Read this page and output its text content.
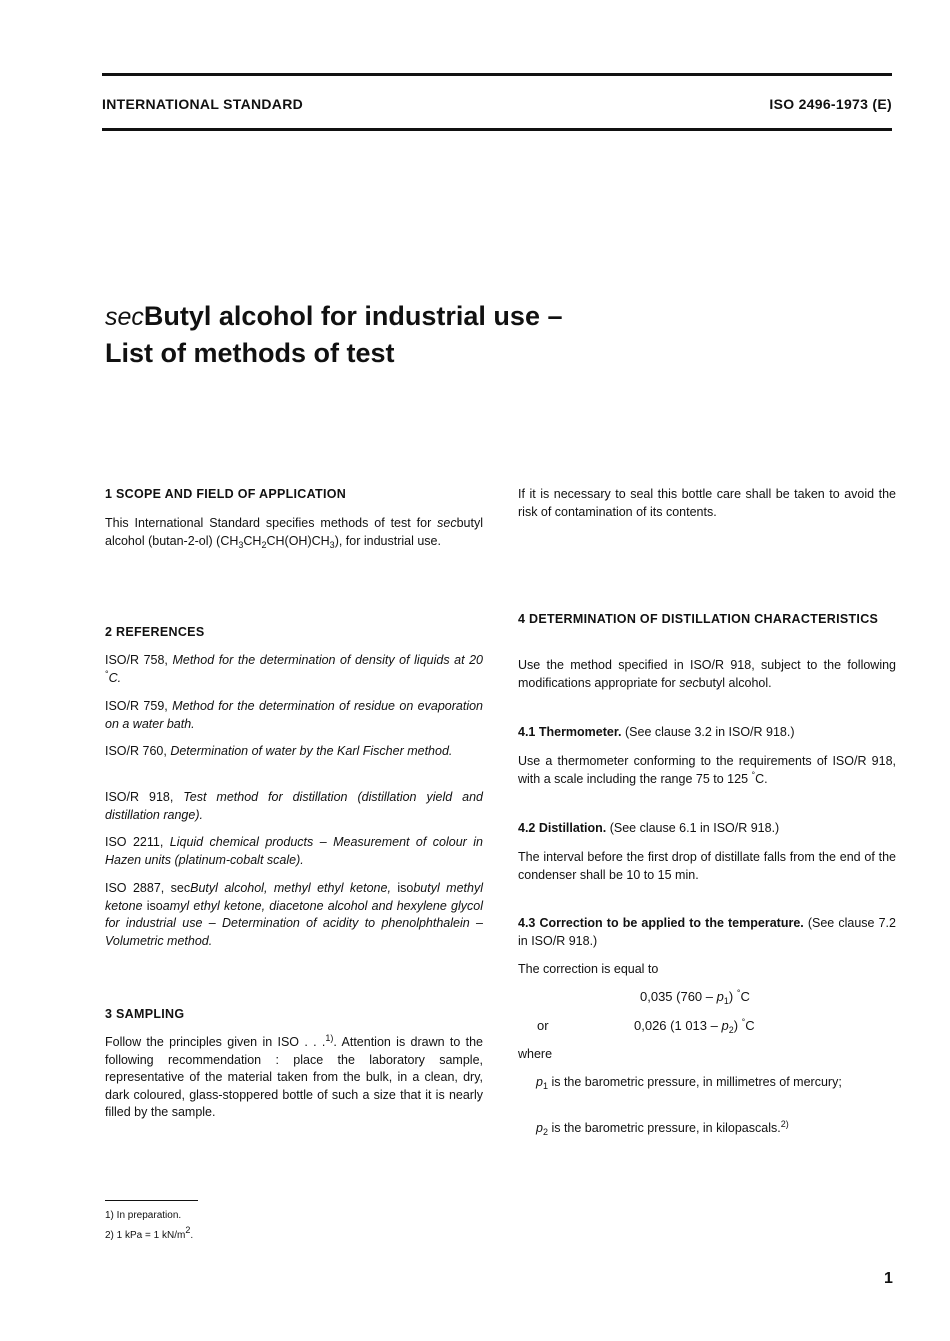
INTERNATIONAL STANDARD	ISO 2496-1973 (E)
secButyl alcohol for industrial use –
List of methods of test
1 SCOPE AND FIELD OF APPLICATION
This International Standard specifies methods of test for secbutyl alcohol (butan-2-ol) $(CH_3CH_2CH(OH)CH_3)$, for industrial use.
2 REFERENCES
ISO/R 758, Method for the determination of density of liquids at 20 °C.
ISO/R 759, Method for the determination of residue on evaporation on a water bath.
ISO/R 760, Determination of water by the Karl Fischer method.
ISO/R 918, Test method for distillation (distillation yield and distillation range).
ISO 2211, Liquid chemical products – Measurement of colour in Hazen units (platinum-cobalt scale).
ISO 2887, secButyl alcohol, methyl ethyl ketone, isobutyl methyl ketone isoamyl ethyl ketone, diacetone alcohol and hexylene glycol for industrial use – Determination of acidity to phenolphthalein – Volumetric method.
3 SAMPLING
Follow the principles given in ISO . . .$^{1)}$. Attention is drawn to the following recommendation : place the laboratory sample, representative of the material taken from the bulk, in a clean, dry, dark coloured, glass-stoppered bottle of such a size that it is nearly filled by the sample.
If it is necessary to seal this bottle care shall be taken to avoid the risk of contamination of its contents.
4 DETERMINATION OF DISTILLATION CHARACTERISTICS
Use the method specified in ISO/R 918, subject to the following modifications appropriate for secbutyl alcohol.
4.1 Thermometer. (See clause 3.2 in ISO/R 918.)
Use a thermometer conforming to the requirements of ISO/R 918, with a scale including the range 75 to 125 °C.
4.2 Distillation. (See clause 6.1 in ISO/R 918.)
The interval before the first drop of distillate falls from the end of the condenser shall be 10 to 15 min.
4.3 Correction to be applied to the temperature. (See clause 7.2 in ISO/R 918.)
The correction is equal to
0,035 $(760 - p_1)$ °C
or	0,026 (1 $013 - p_2$) °C
where
$p_1$ is the barometric pressure, in millimetres of mercury;
$p_2$ is the barometric pressure, in kilopascals.$^{2)}$
1) In preparation.
2) 1 kPa = 1 $kN/m^2$.
1
